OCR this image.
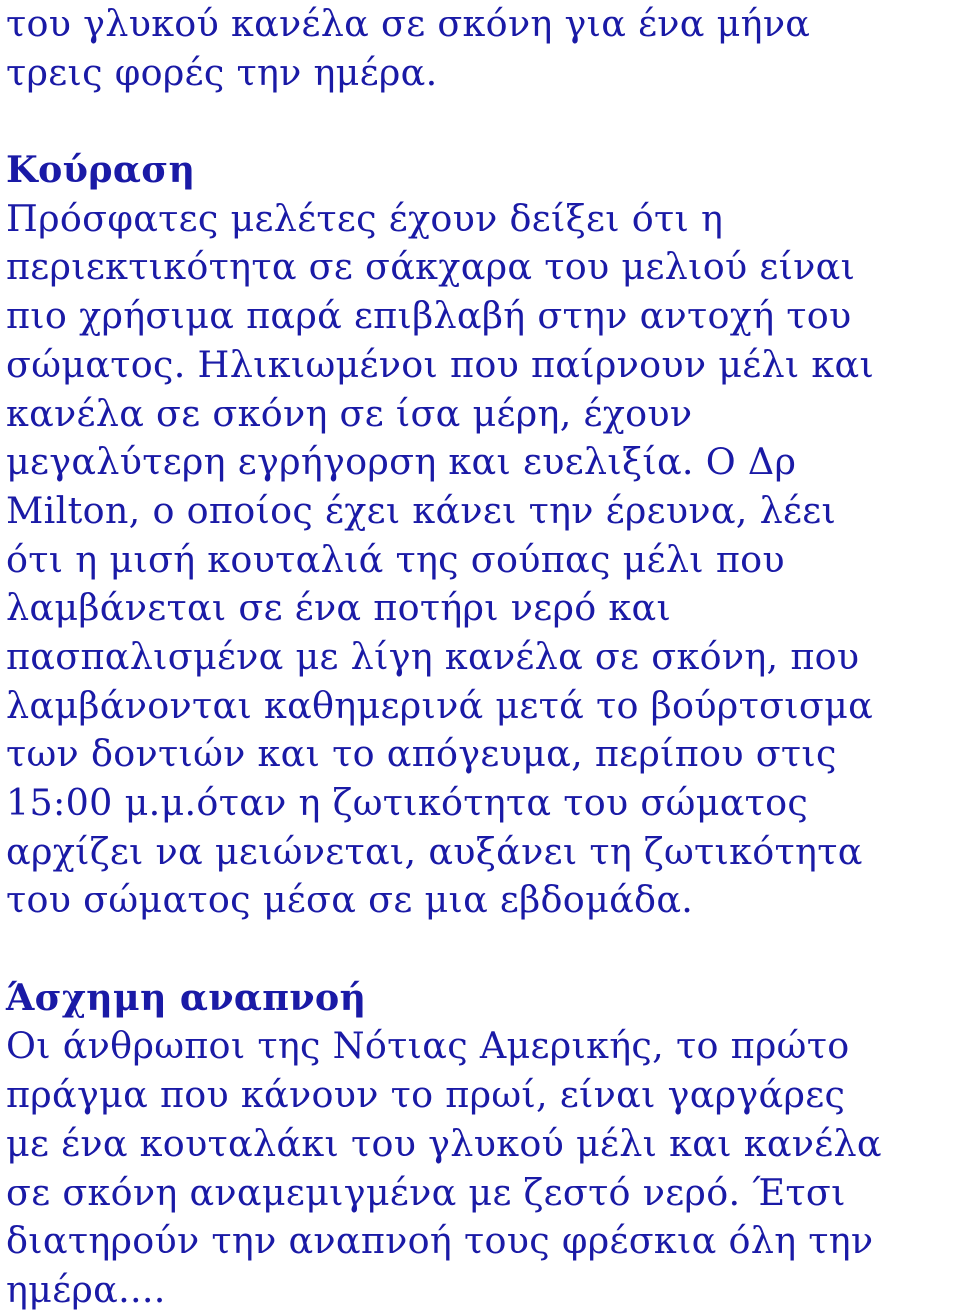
του γλυκού κανέλα σε σκόνη για ένα μήνα
τρεις φορές την ημέρα.
Κούραση
Πρόσφατες μελέτες έχουν δείξει ότι η
περιεκτικότητα σε σάκχαρα του μελιού είναι
πιο χρήσιμα παρά επιβλαβή στην αντοχή του
σώματος. Ηλικιωμένοι που παίρνουν μέλι και
κανέλα σε σκόνη σε ίσα μέρη, έχουν
μεγαλύτερη εγρήγορση και ευελιξία. Ο Δρ
Milton, ο οποίος έχει κάνει την έρευνα, λέει
ότι η μισή κουταλιά της σούπας μέλι που
λαμβάνεται σε ένα ποτήρι νερό και
πασπαλισμένα με λίγη κανέλα σε σκόνη, που
λαμβάνονται καθημερινά μετά το βούρτσισμα
των δοντιών και το απόγευμα, περίπου στις
15:00 μ.μ.όταν η ζωτικότητα του σώματος
αρχίζει να μειώνεται, αυξάνει τη ζωτικότητα
του σώματος μέσα σε μια εβδομάδα.
Άσχημη αναπνοή
Οι άνθρωποι της Νότιας Αμερικής, το πρώτο
πράγμα που κάνουν το πρωί, είναι γαργάρες
με ένα κουταλάκι του γλυκού μέλι και κανέλα
σε σκόνη αναμεμιγμένα με ζεστό νερό. Έτσι
διατηρούν την αναπνοή τους φρέσκια όλη την
ημέρα....
